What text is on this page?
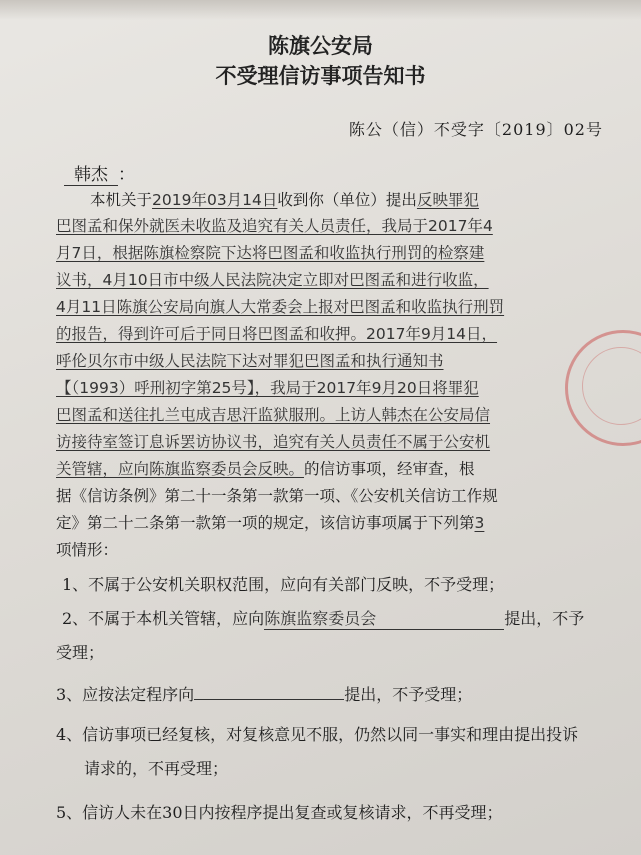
陈旗公安局
不受理信访事项告知书
陈公（信）不受字〔2019〕02号
韩杰 ：
本机关于2019年03月14日收到你（单位）提出反映罪犯
巴图孟和保外就医未收监及追究有关人员责任，我局于2017年4
月7日，根据陈旗检察院下达将巴图孟和收监执行刑罚的检察建
议书，4月10日市中级人民法院决定立即对巴图孟和进行收监，
4月11日陈旗公安局向旗人大常委会上报对巴图孟和收监执行刑罚
的报告，得到许可后于同日将巴图孟和收押。2017年9月14日，
呼伦贝尔市中级人民法院下达对罪犯巴图孟和执行通知书
【（1993）呼刑初字第25号】，我局于2017年9月20日将罪犯
巴图孟和送往扎兰屯成吉思汗监狱服刑。上访人韩杰在公安局信
访接待室签订息诉罢访协议书，追究有关人员责任不属于公安机
关管辖，应向陈旗监察委员会反映。的信访事项，经审查，根
据《信访条例》第二十一条第一款第一项、《公安机关信访工作规
定》第二十二条第一款第一项的规定，该信访事项属于下列第3
项情形：
1、不属于公安机关职权范围，应向有关部门反映，不予受理；
2、不属于本机关管辖，应向陈旗监察委员会	提出，不予
受理；
3、应按法定程序向	提出，不予受理；
4、信访事项已经复核，对复核意见不服，仍然以同一事实和理由提出投诉
请求的，不再受理；
5、信访人未在30日内按程序提出复查或复核请求，不再受理；
